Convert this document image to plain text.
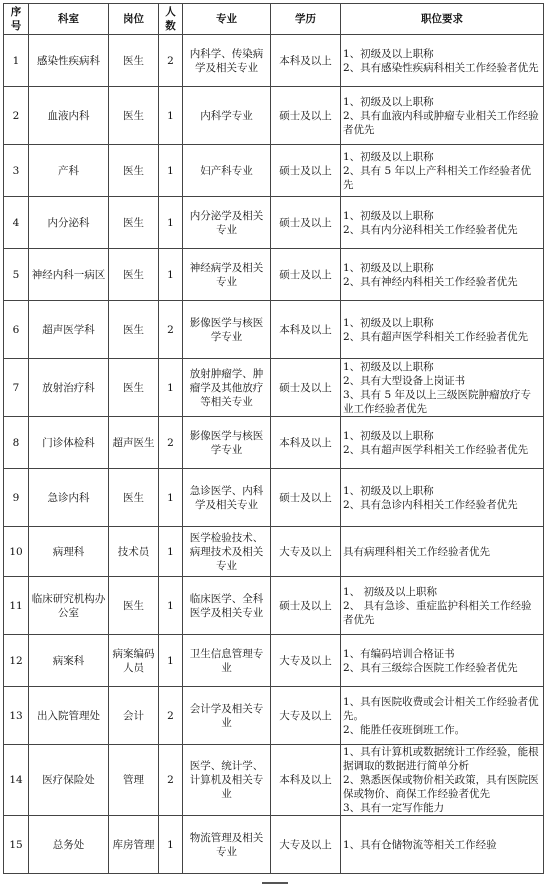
序号	科室	岗位	人数	专业	学历	职位要求
1	感染性疾病科	医生	2	内科学、传染病学及相关专业	本科及以上	1、初级及以上职称
2、具有感染性疾病科相关工作经验者优先

2	血液内科	医生	1	内科学专业	硕士及以上	1、初级及以上职称
2、具有血液内科或肿瘤专业相关工作经验者优先

3	产科	医生	1	妇产科专业	硕士及以上	1、初级及以上职称
2、具有 5 年以上产科相关工作经验者优先

4	内分泌科	医生	1	内分泌学及相关专业	硕士及以上	1、初级及以上职称
2、具有内分泌科相关工作经验者优先

5	神经内科一病区	医生	1	神经病学及相关专业	硕士及以上	1、初级及以上职称
2、具有神经内科相关工作经验者优先

6	超声医学科	医生	2	影像医学与核医学专业	本科及以上	1、初级及以上职称
2、具有超声医学科相关工作经验者优先

7	放射治疗科	医生	1	放射肿瘤学、肿瘤学及其他放疗等相关专业	硕士及以上	1、初级及以上职称
2、具有大型设备上岗证书
3、具有 5 年及以上三级医院肿瘤放疗专业工作经验者优先

8	门诊体检科	超声医生	2	影像医学与核医学专业	本科及以上	1、初级及以上职称
2、具有超声医学科相关工作经验者优先

9	急诊内科	医生	1	急诊医学、内科学及相关专业	硕士及以上	1、初级及以上职称
2、具有急诊内科相关工作经验者优先

10	病理科	技术员	1	医学检验技术、病理技术及相关专业	大专及以上	具有病理科相关工作经验者优先

11	临床研究机构办公室	医生	1	临床医学、全科医学及相关专业	硕士及以上	1、 初级及以上职称
2、 具有急诊、重症监护科相关工作经验者优先

12	病案科	病案编码人员	1	卫生信息管理专业	大专及以上	1、有编码培训合格证书
2、具有三级综合医院工作经验者优先

13	出入院管理处	会计	2	会计学及相关专业	大专及以上	1、具有医院收费或会计相关工作经验者优先。
2、能胜任夜班倒班工作。

14	医疗保险处	管理	2	医学、统计学、计算机及相关专业	本科及以上	1、具有计算机或数据统计工作经验，能根据调取的数据进行简单分析
2、熟悉医保或物价相关政策，具有医院医保或物价、商保工作经验者优先
3、具有一定写作能力

15	总务处	库房管理	1	物流管理及相关专业	大专及以上	1、具有仓储物流等相关工作经验
